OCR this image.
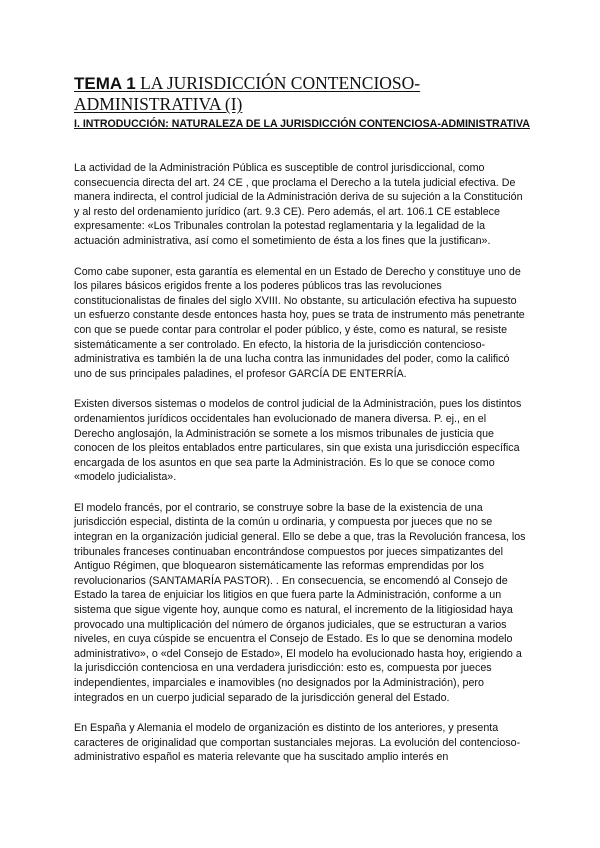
TEMA 1 LA JURISDICCIÓN CONTENCIOSO-ADMINISTRATIVA (I)
I. INTRODUCCIÓN: NATURALEZA DE LA JURISDICCIÓN CONTENCIOSA-ADMINISTRATIVA

La actividad de la Administración Pública es susceptible de control jurisdiccional, como consecuencia directa del art. 24 CE , que proclama el Derecho a la tutela judicial efectiva. De manera indirecta, el control judicial de la Administración deriva de su sujeción a la Constitución y al resto del ordenamiento jurídico (art. 9.3 CE). Pero además, el art. 106.1 CE establece expresamente: «Los Tribunales controlan la potestad reglamentaria y la legalidad de la actuación administrativa, así como el sometimiento de ésta a los fines que la justifican».

Como cabe suponer, esta garantía es elemental en un Estado de Derecho y constituye uno de los pilares básicos erigidos frente a los poderes públicos tras las revoluciones constitucionalistas de finales del siglo XVIII. No obstante, su articulación efectiva ha supuesto un esfuerzo constante desde entonces hasta hoy, pues se trata de instrumento más penetrante con que se puede contar para controlar el poder público, y éste, como es natural, se resiste sistemáticamente a ser controlado. En efecto, la historia de la jurisdicción contencioso-administrativa es también la de una lucha contra las inmunidades del poder, como la calificó uno de sus principales paladines, el profesor GARCÍA DE ENTERRÍA.

Existen diversos sistemas o modelos de control judicial de la Administración, pues los distintos ordenamientos jurídicos occidentales han evolucionado de manera diversa. P. ej., en el Derecho anglosajón, la Administración se somete a los mismos tribunales de justicia que conocen de los pleitos entablados entre particulares, sin que exista una jurisdicción específica encargada de los asuntos en que sea parte la Administración. Es lo que se conoce como «modelo judicialista».

El modelo francés, por el contrario, se construye sobre la base de la existencia de una jurisdicción especial, distinta de la común u ordinaria, y compuesta por jueces que no se integran en la organización judicial general. Ello se debe a que, tras la Revolución francesa, los tribunales franceses continuaban encontrándose compuestos por jueces simpatizantes del Antiguo Régimen, que bloquearon sistemáticamente las reformas emprendidas por los revolucionarios (SANTAMARÍA PASTOR). . En consecuencia, se encomendó al Consejo de Estado la tarea de enjuiciar los litigios en que fuera parte la Administración, conforme a un sistema que sigue vigente hoy, aunque como es natural, el incremento de la litigiosidad haya provocado una multiplicación del número de órganos judiciales, que se estructuran a varios niveles, en cuya cúspide se encuentra el Consejo de Estado. Es lo que se denomina modelo administrativo», o «del Consejo de Estado», El modelo ha evolucionado hasta hoy, erigiendo a la jurisdicción contenciosa en una verdadera jurisdicción: esto es, compuesta por jueces independientes, imparciales e inamovibles (no designados por la Administración), pero integrados en un cuerpo judicial separado de la jurisdicción general del Estado.

En España y Alemania el modelo de organización es distinto de los anteriores, y presenta caracteres de originalidad que comportan sustanciales mejoras. La evolución del contencioso-administrativo español es materia relevante que ha suscitado amplio interés en
